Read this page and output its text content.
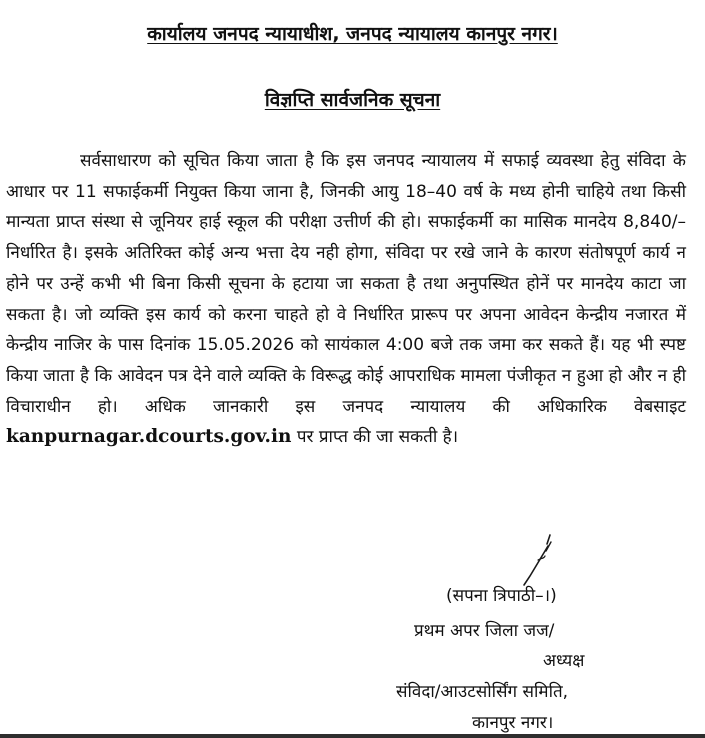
कार्यालय जनपद न्यायाधीश, जनपद न्यायालय कानपुर नगर।
विज्ञप्ति सार्वजनिक सूचना

सर्वसाधारण को सूचित किया जाता है कि इस जनपद न्यायालय में सफाई व्यवस्था हेतु संविदा के आधार पर 11 सफाईकर्मी नियुक्त किया जाना है, जिनकी आयु 18–40 वर्ष के मध्य होनी चाहिये तथा किसी मान्यता प्राप्त संस्था से जूनियर हाई स्कूल की परीक्षा उत्तीर्ण की हो। सफाईकर्मी का मासिक मानदेय 8,840/– निर्धारित है। इसके अतिरिक्त कोई अन्य भत्ता देय नही होगा, संविदा पर रखे जाने के कारण संतोषपूर्ण कार्य न होने पर उन्हें कभी भी बिना किसी सूचना के हटाया जा सकता है तथा अनुपस्थित होनें पर मानदेय काटा जा सकता है। जो व्यक्ति इस कार्य को करना चाहते हो वे निर्धारित प्रारूप पर अपना आवेदन केन्द्रीय नजारत में केन्द्रीय नाजिर के पास दिनांक 15.05.2026 को सायंकाल 4:00 बजे तक जमा कर सकते हैं। यह भी स्पष्ट किया जाता है कि आवेदन पत्र देने वाले व्यक्ति के विरूद्ध कोई आपराधिक मामला पंजीकृत न हुआ हो और न ही विचाराधीन हो। अधिक जानकारी इस जनपद न्यायालय की अधिकारिक वेबसाइट kanpurnagar.dcourts.gov.in पर प्राप्त की जा सकती है।

(सपना त्रिपाठी–।)
प्रथम अपर जिला जज/
अध्यक्ष
संविदा/आउटसोर्सिंग समिति,
कानपुर नगर।
